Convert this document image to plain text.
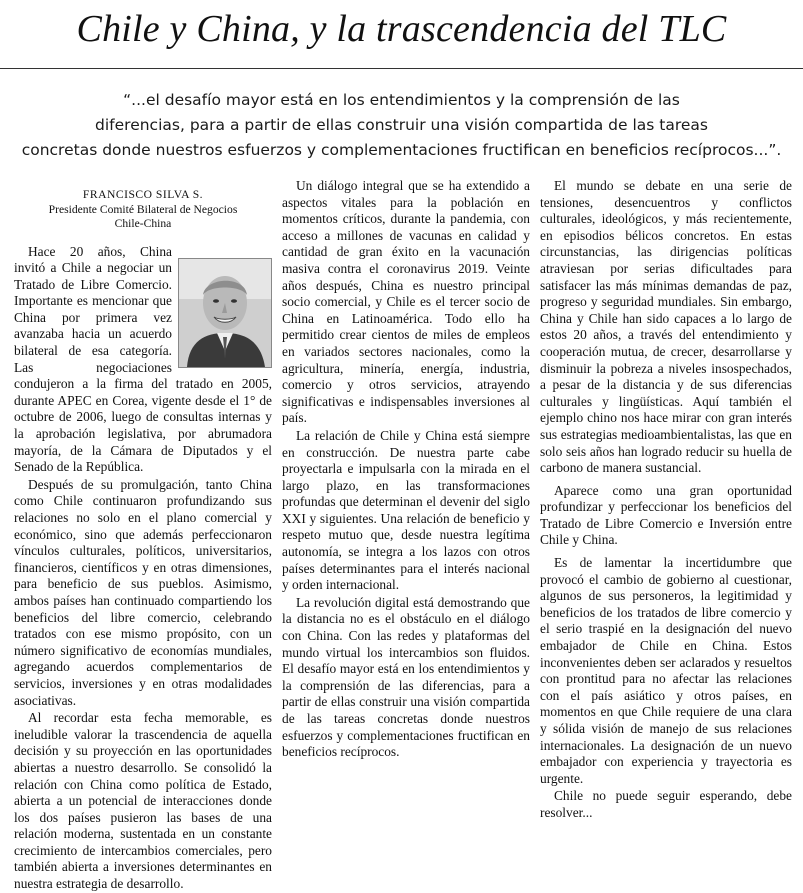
Chile y China, y la trascendencia del TLC

“...el desafío mayor está en los entendimientos y la comprensión de las
diferencias, para a partir de ellas construir una visión compartida de las tareas
concretas donde nuestros esfuerzos y complementaciones fructifican en beneficios recíprocos...”.

FRANCISCO SILVA S.
Presidente Comité Bilateral de Negocios
Chile-China

Hace 20 años, China invitó a Chile a negociar un Tratado de Libre Comercio. Importante es mencionar que China por primera vez avanzaba hacia un acuerdo bilateral de esa categoría. Las negociaciones condujeron a la firma del tratado en 2005, durante APEC en Corea, vigente desde el 1° de octubre de 2006, luego de consultas internas y la aprobación legislativa, por abrumadora mayoría, de la Cámara de Diputados y el Senado de la República.

Después de su promulgación, tanto China como Chile continuaron profundizando sus relaciones no solo en el plano comercial y económico, sino que además perfeccionaron vínculos culturales, políticos, universitarios, financieros, científicos y en otras dimensiones, para beneficio de sus pueblos. Asimismo, ambos países han continuado compartiendo los beneficios del libre comercio, celebrando tratados con ese mismo propósito, con un número significativo de economías mundiales, agregando acuerdos complementarios de servicios, inversiones y en otras modalidades asociativas.

Al recordar esta fecha memorable, es ineludible valorar la trascendencia de aquella decisión y su proyección en las oportunidades abiertas a nuestro desarrollo. Se consolidó la relación con China como política de Estado, abierta a un potencial de interacciones donde los dos países pusieron las bases de una relación moderna, sustentada en un constante crecimiento de intercambios comerciales, pero también abierta a inversiones determinantes en nuestra estrategia de desarrollo.

Un diálogo integral que se ha extendido a aspectos vitales para la población en momentos críticos, durante la pandemia, con acceso a millones de vacunas en calidad y cantidad de gran éxito en la vacunación masiva contra el coronavirus 2019. Veinte años después, China es nuestro principal socio comercial, y Chile es el tercer socio de China en Latinoamérica. Todo ello ha permitido crear cientos de miles de empleos en variados sectores nacionales, como la agricultura, minería, energía, industria, comercio y otros servicios, atrayendo significativas e indispensables inversiones al país.

La relación de Chile y China está siempre en construcción. De nuestra parte cabe proyectarla e impulsarla con la mirada en el largo plazo, en las transformaciones profundas que determinan el devenir del siglo XXI y siguientes. Una relación de beneficio y respeto mutuo que, desde nuestra legítima autonomía, se integra a los lazos con otros países determinantes para el interés nacional y orden internacional.

La revolución digital está demostrando que la distancia no es el obstáculo en el diálogo con China. Con las redes y plataformas del mundo virtual los intercambios son fluidos. El desafío mayor está en los entendimientos y la comprensión de las diferencias, para a partir de ellas construir una visión compartida de las tareas concretas donde nuestros esfuerzos y complementaciones fructifican en beneficios recíprocos.

El mundo se debate en una serie de tensiones, desencuentros y conflictos culturales, ideológicos, y más recientemente, en episodios bélicos concretos. En estas circunstancias, las dirigencias políticas atraviesan por serias dificultades para satisfacer las más mínimas demandas de paz, progreso y seguridad mundiales. Sin embargo, China y Chile han sido capaces a lo largo de estos 20 años, a través del entendimiento y cooperación mutua, de crecer, desarrollarse y disminuir la pobreza a niveles insospechados, a pesar de la distancia y de sus diferencias culturales y lingüísticas. Aquí también el ejemplo chino nos hace mirar con gran interés sus estrategias medioambientalistas, las que en solo seis años han logrado reducir su huella de carbono de manera sustancial.

Aparece como una gran oportunidad profundizar y perfeccionar los beneficios del Tratado de Libre Comercio e Inversión entre Chile y China.

Es de lamentar la incertidumbre que provocó el cambio de gobierno al cuestionar, algunos de sus personeros, la legitimidad y beneficios de los tratados de libre comercio y el serio traspié en la designación del nuevo embajador de Chile en China. Estos inconvenientes deben ser aclarados y resueltos con prontitud para no afectar las relaciones con el país asiático y otros países, en momentos en que Chile requiere de una clara y sólida visión de manejo de sus relaciones internacionales. La designación de un nuevo embajador con experiencia y trayectoria es urgente.

Chile no puede seguir esperando, debe resolver...
